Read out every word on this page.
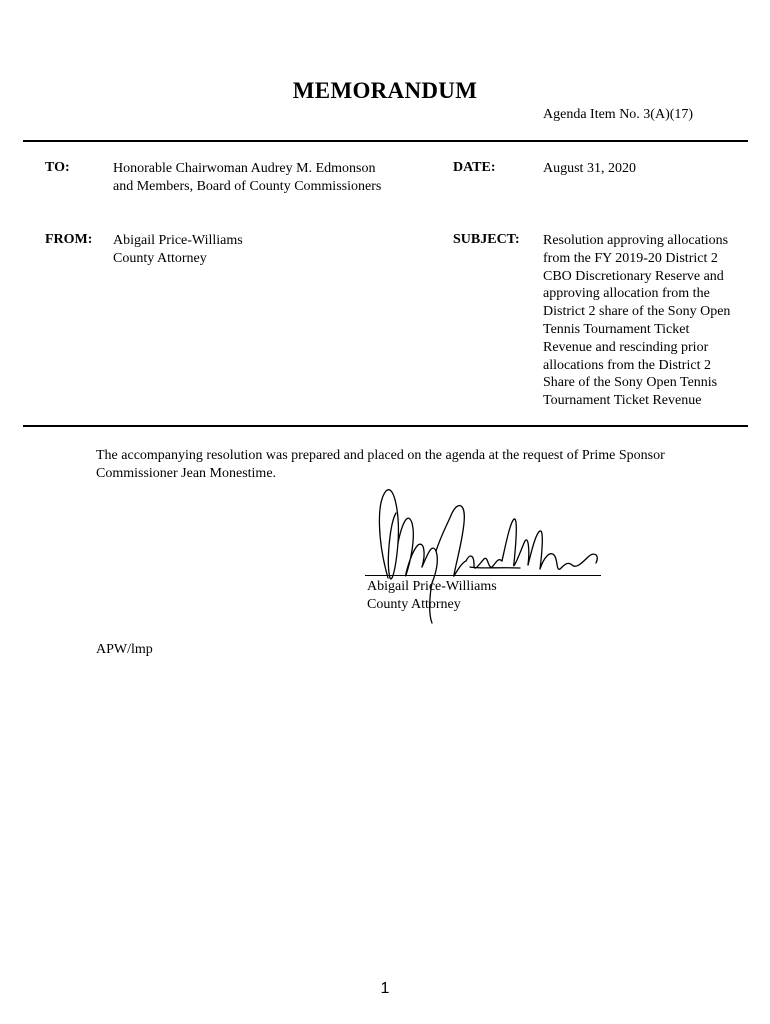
MEMORANDUM
Agenda Item No. 3(A)(17)
TO:	Honorable Chairwoman Audrey M. Edmonson
and Members, Board of County Commissioners
DATE:	August 31, 2020
FROM: Abigail Price-Williams
County Attorney
SUBJECT: Resolution approving allocations
from the FY 2019-20 District 2
CBO Discretionary Reserve and
approving allocation from the
District 2 share of the Sony Open
Tennis Tournament Ticket
Revenue and rescinding prior
allocations from the District 2
Share of the Sony Open Tennis
Tournament Ticket Revenue
The accompanying resolution was prepared and placed on the agenda at the request of Prime Sponsor
Commissioner Jean Monestime.
Abigail Price-Williams
County Attorney
APW/lmp
1
